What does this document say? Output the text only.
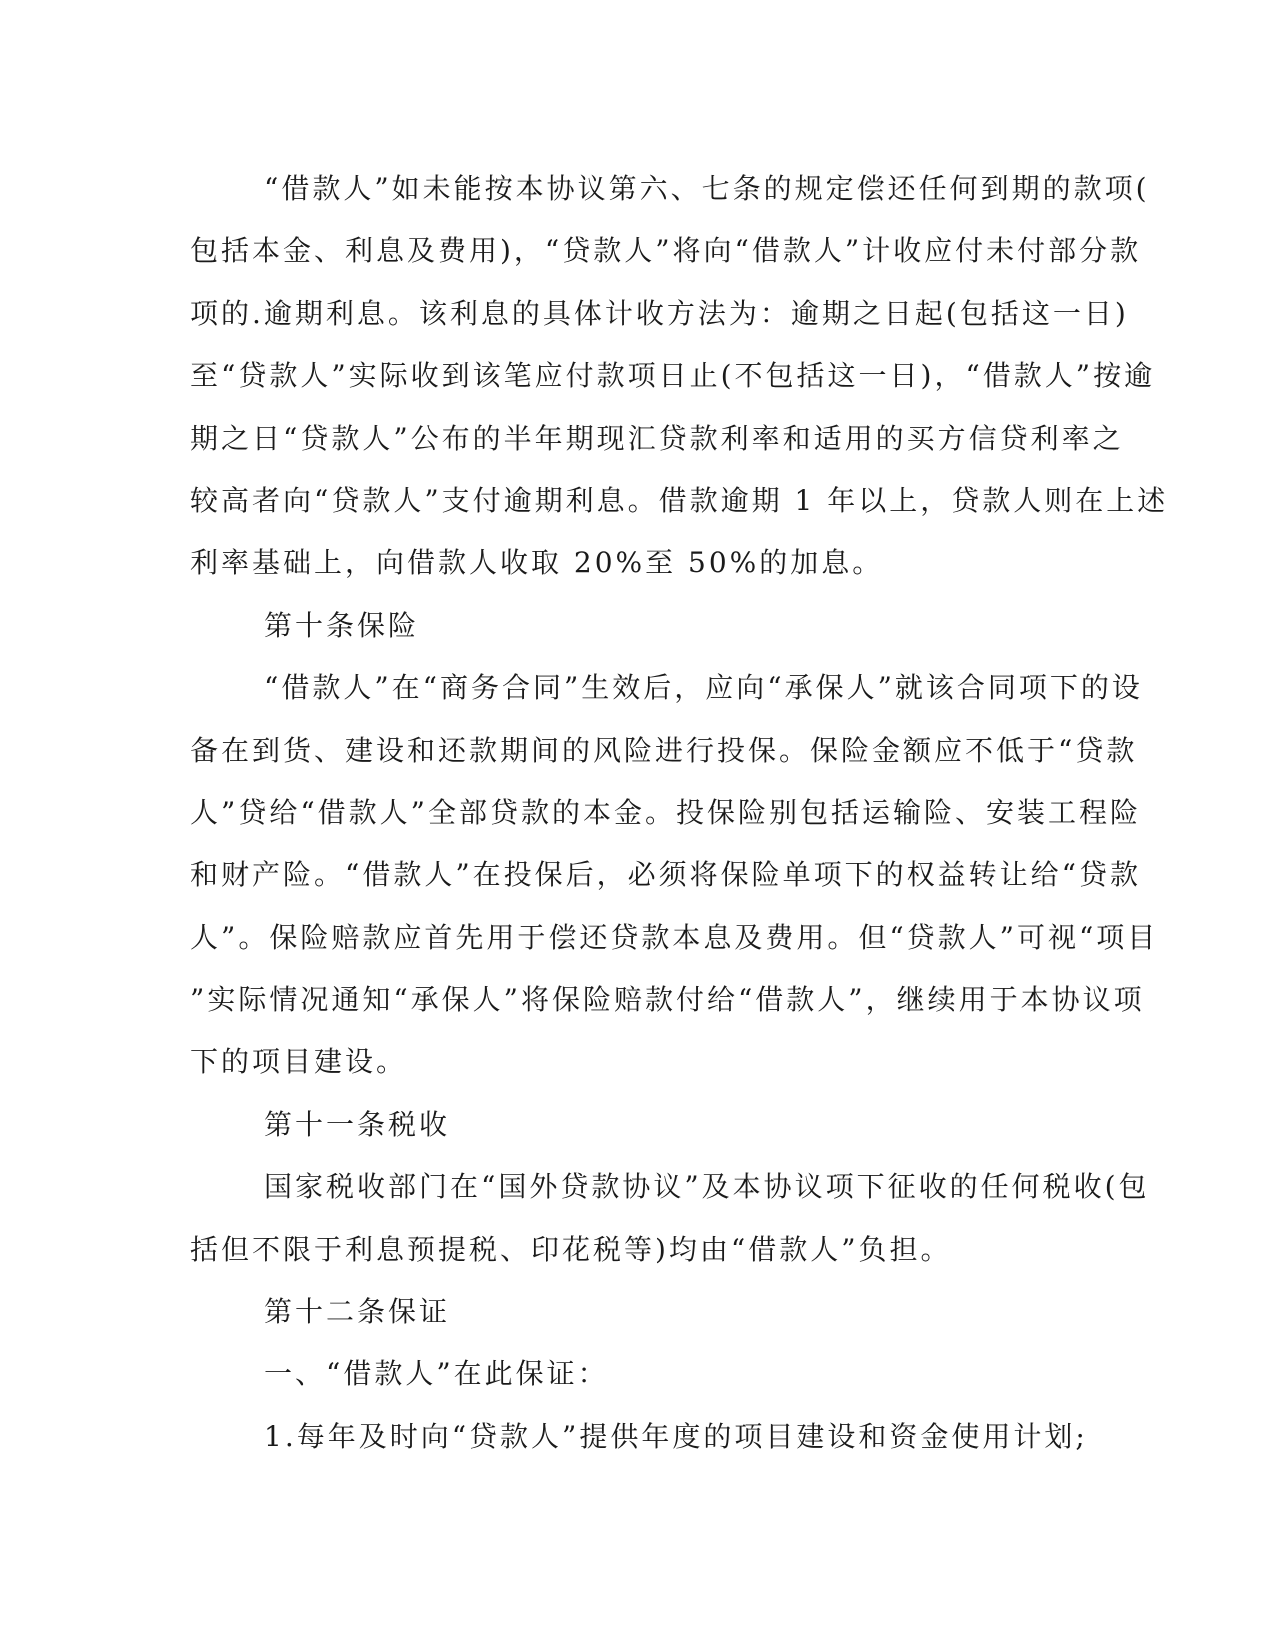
“借款人”如未能按本协议第六、七条的规定偿还任何到期的款项(
包括本金、利息及费用)，“贷款人”将向“借款人”计收应付未付部分款
项的.逾期利息。该利息的具体计收方法为：逾期之日起(包括这一日)
至“贷款人”实际收到该笔应付款项日止(不包括这一日)，“借款人”按逾
期之日“贷款人”公布的半年期现汇贷款利率和适用的买方信贷利率之
较高者向“贷款人”支付逾期利息。借款逾期 1 年以上，贷款人则在上述
利率基础上，向借款人收取 20%至 50%的加息。
第十条保险
“借款人”在“商务合同”生效后，应向“承保人”就该合同项下的设
备在到货、建设和还款期间的风险进行投保。保险金额应不低于“贷款
人”贷给“借款人”全部贷款的本金。投保险别包括运输险、安装工程险
和财产险。“借款人”在投保后，必须将保险单项下的权益转让给“贷款
人”。保险赔款应首先用于偿还贷款本息及费用。但“贷款人”可视“项目
”实际情况通知“承保人”将保险赔款付给“借款人”，继续用于本协议项
下的项目建设。
第十一条税收
国家税收部门在“国外贷款协议”及本协议项下征收的任何税收(包
括但不限于利息预提税、印花税等)均由“借款人”负担。
第十二条保证
一、“借款人”在此保证：
1.每年及时向“贷款人”提供年度的项目建设和资金使用计划;
